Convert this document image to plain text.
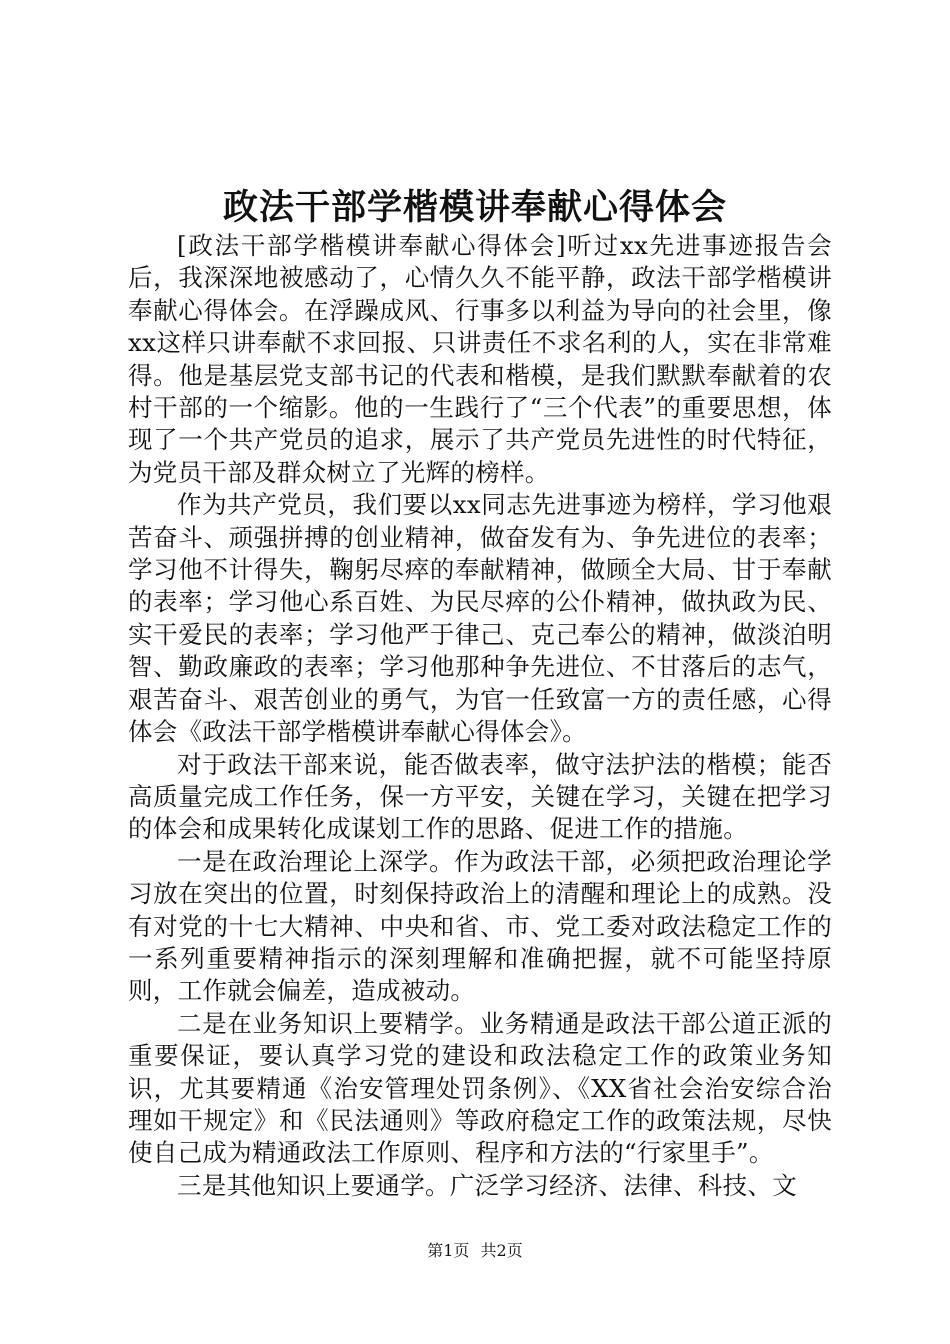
政法干部学楷模讲奉献心得体会

[政法干部学楷模讲奉献心得体会]听过xx先进事迹报告会后，我深深地被感动了，心情久久不能平静，政法干部学楷模讲奉献心得体会。在浮躁成风、行事多以利益为导向的社会里，像xx这样只讲奉献不求回报、只讲责任不求名利的人，实在非常难得。他是基层党支部书记的代表和楷模，是我们默默奉献着的农村干部的一个缩影。他的一生践行了“三个代表”的重要思想，体现了一个共产党员的追求，展示了共产党员先进性的时代特征，为党员干部及群众树立了光辉的榜样。

作为共产党员，我们要以xx同志先进事迹为榜样，学习他艰苦奋斗、顽强拼搏的创业精神，做奋发有为、争先进位的表率；学习他不计得失，鞠躬尽瘁的奉献精神，做顾全大局、甘于奉献的表率；学习他心系百姓、为民尽瘁的公仆精神，做执政为民、实干爱民的表率；学习他严于律己、克己奉公的精神，做淡泊明智、勤政廉政的表率；学习他那种争先进位、不甘落后的志气，艰苦奋斗、艰苦创业的勇气，为官一任致富一方的责任感，心得体会《政法干部学楷模讲奉献心得体会》。

对于政法干部来说，能否做表率，做守法护法的楷模；能否高质量完成工作任务，保一方平安，关键在学习，关键在把学习的体会和成果转化成谋划工作的思路、促进工作的措施。

一是在政治理论上深学。作为政法干部，必须把政治理论学习放在突出的位置，时刻保持政治上的清醒和理论上的成熟。没有对党的十七大精神、中央和省、市、党工委对政法稳定工作的一系列重要精神指示的深刻理解和准确把握，就不可能坚持原则，工作就会偏差，造成被动。

二是在业务知识上要精学。业务精通是政法干部公道正派的重要保证，要认真学习党的建设和政法稳定工作的政策业务知识，尤其要精通《治安管理处罚条例》、《XX省社会治安综合治理如干规定》和《民法通则》等政府稳定工作的政策法规，尽快使自己成为精通政法工作原则、程序和方法的“行家里手”。

三是其他知识上要通学。广泛学习经济、法律、科技、文

第1页 共2页
